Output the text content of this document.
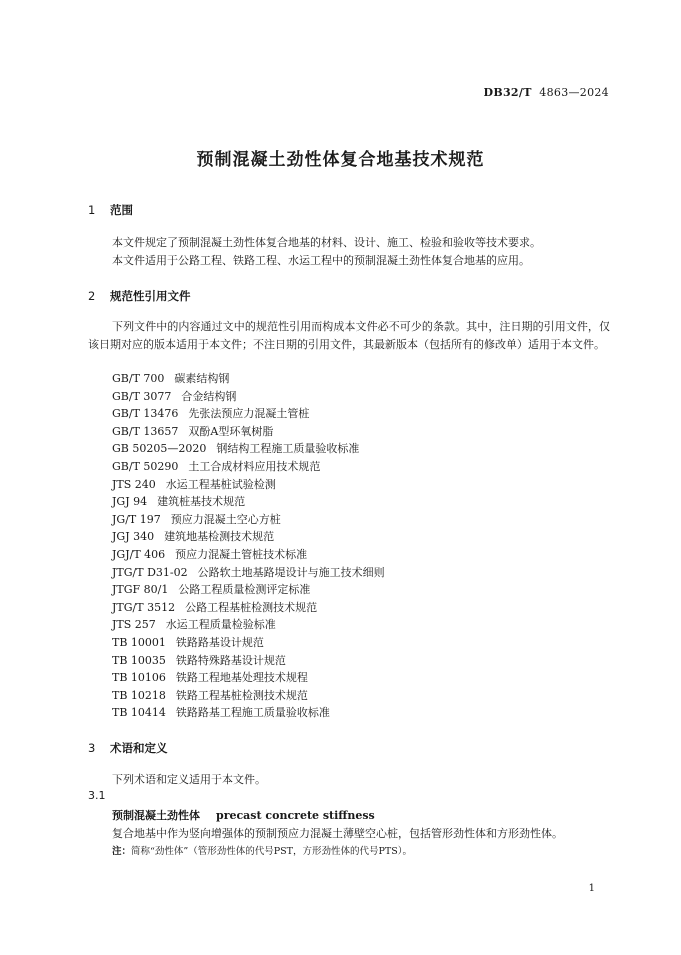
DB32/T 4863—2024
预制混凝土劲性体复合地基技术规范
1 范围
本文件规定了预制混凝土劲性体复合地基的材料、设计、施工、检验和验收等技术要求。
本文件适用于公路工程、铁路工程、水运工程中的预制混凝土劲性体复合地基的应用。
2 规范性引用文件
下列文件中的内容通过文中的规范性引用而构成本文件必不可少的条款。其中，注日期的引用文件，仅该日期对应的版本适用于本文件；不注日期的引用文件，其最新版本（包括所有的修改单）适用于本文件。
GB/T 700 碳素结构钢
GB/T 3077 合金结构钢
GB/T 13476 先张法预应力混凝土管桩
GB/T 13657 双酚A型环氧树脂
GB 50205—2020 钢结构工程施工质量验收标准
GB/T 50290 土工合成材料应用技术规范
JTS 240 水运工程基桩试验检测
JGJ 94 建筑桩基技术规范
JG/T 197 预应力混凝土空心方桩
JGJ 340 建筑地基检测技术规范
JGJ/T 406 预应力混凝土管桩技术标准
JTG/T D31-02 公路软土地基路堤设计与施工技术细则
JTGF 80/1 公路工程质量检测评定标准
JTG/T 3512 公路工程基桩检测技术规范
JTS 257 水运工程质量检验标准
TB 10001 铁路路基设计规范
TB 10035 铁路特殊路基设计规范
TB 10106 铁路工程地基处理技术规程
TB 10218 铁路工程基桩检测技术规范
TB 10414 铁路路基工程施工质量验收标准
3 术语和定义
下列术语和定义适用于本文件。
3.1
预制混凝土劲性体 precast concrete stiffness
复合地基中作为竖向增强体的预制预应力混凝土薄壁空心桩，包括管形劲性体和方形劲性体。
注：简称“劲性体”（管形劲性体的代号PST，方形劲性体的代号PTS）。
1
